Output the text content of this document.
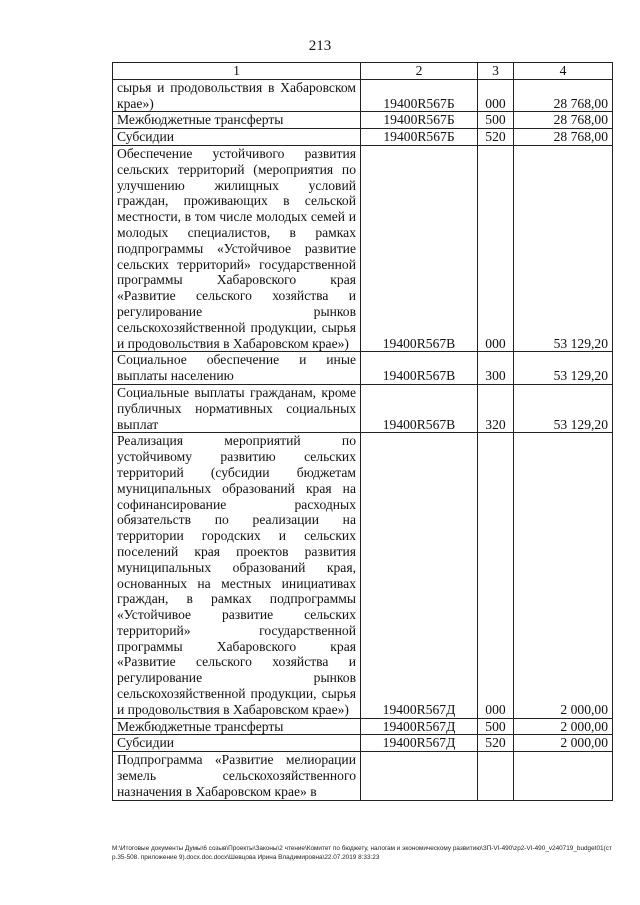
213
1	2	3	4
сырья и продовольствия в Хабаровском крае»)	19400R567Б	000	28 768,00
Межбюджетные трансферты	19400R567Б	500	28 768,00
Субсидии	19400R567Б	520	28 768,00
Обеспечение устойчивого развития сельских территорий (мероприятия по улучшению жилищных условий граждан, проживающих в сельской местности, в том числе молодых семей и молодых специалистов, в рамках подпрограммы «Устойчивое развитие сельских территорий» государственной программы Хабаровского края «Развитие сельского хозяйства и регулирование рынков сельскохозяйственной продукции, сырья и продовольствия в Хабаровском крае»)	19400R567В	000	53 129,20
Социальное обеспечение и иные выплаты населению	19400R567В	300	53 129,20
Социальные выплаты гражданам, кроме публичных нормативных социальных выплат	19400R567В	320	53 129,20
Реализация мероприятий по устойчивому развитию сельских территорий (субсидии бюджетам муниципальных образований края на софинансирование расходных обязательств по реализации на территории городских и сельских поселений края проектов развития муниципальных образований края, основанных на местных инициативах граждан, в рамках подпрограммы «Устойчивое развитие сельских территорий» государственной программы Хабаровского края «Развитие сельского хозяйства и регулирование рынков сельскохозяйственной продукции, сырья и продовольствия в Хабаровском крае»)	19400R567Д	000	2 000,00
Межбюджетные трансферты	19400R567Д	500	2 000,00
Субсидии	19400R567Д	520	2 000,00
Подпрограмма «Развитие мелиорации земель сельскохозяйственного назначения в Хабаровском крае» в			
M:\Итоговые документы Думы\6 созыв\Проекты\Законы\2 чтение\Комитет по бюджету, налогам и экономическому развитию\ЗП-VI-490\zp2-VI-490_v240719_budget01(стр.35-508. приложение 9).docx.doc.docx\Шевцова Ирина Владимировна\22.07.2019 8:33:23
